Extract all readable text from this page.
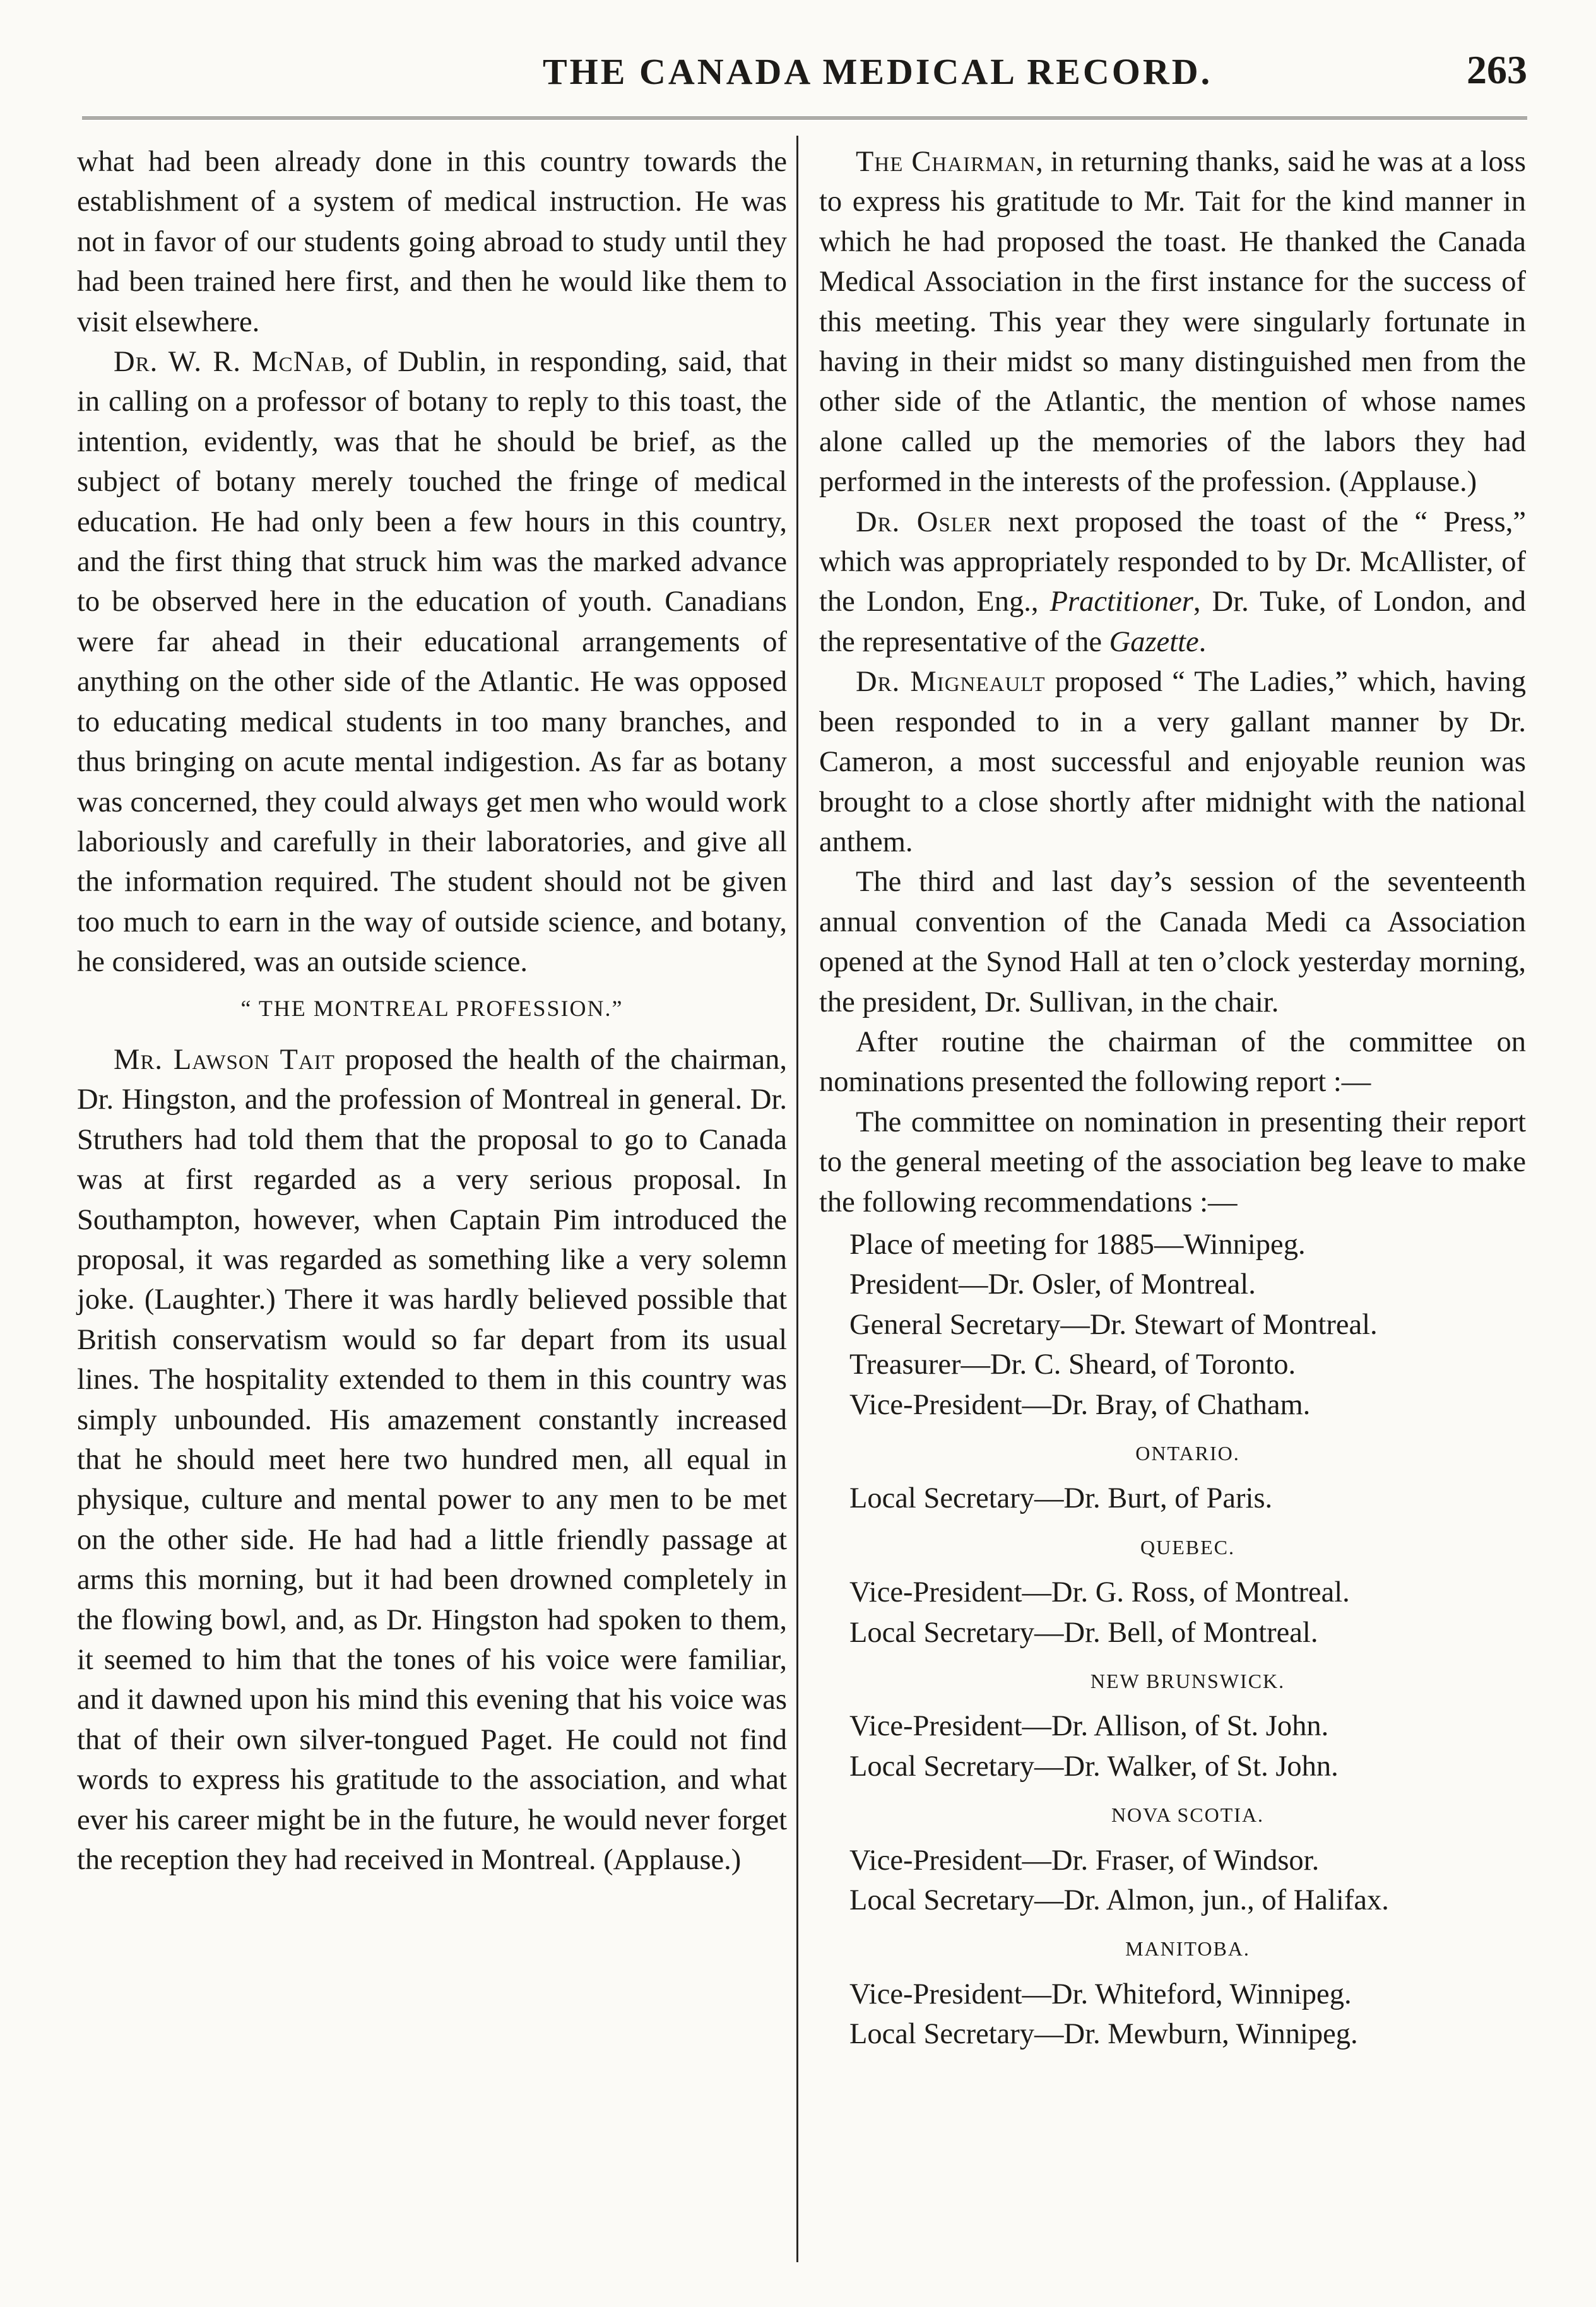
THE CANADA MEDICAL RECORD.	263

what had been already done in this country towards the establishment of a system of medical instruction. He was not in favor of our students going abroad to study until they had been trained here first, and then he would like them to visit elsewhere.

Dr. W. R. McNab, of Dublin, in responding, said, that in calling on a professor of botany to reply to this toast, the intention, evidently, was that he should be brief, as the subject of botany merely touched the fringe of medical education. He had only been a few hours in this country, and the first thing that struck him was the marked advance to be observed here in the education of youth. Canadians were far ahead in their educational arrangements of anything on the other side of the Atlantic. He was opposed to educating medical students in too many branches, and thus bringing on acute mental indigestion. As far as botany was concerned, they could always get men who would work laboriously and carefully in their laboratories, and give all the information required. The student should not be given too much to earn in the way of outside science, and botany, he considered, was an outside science.

“ THE MONTREAL PROFESSION.”

Mr. Lawson Tait proposed the health of the chairman, Dr. Hingston, and the profession of Montreal in general. Dr. Struthers had told them that the proposal to go to Canada was at first regarded as a very serious proposal. In Southampton, however, when Captain Pim introduced the proposal, it was regarded as something like a very solemn joke. (Laughter.) There it was hardly believed possible that British conservatism would so far depart from its usual lines. The hospitality extended to them in this country was simply unbounded. His amazement constantly increased that he should meet here two hundred men, all equal in physique, culture and mental power to any men to be met on the other side. He had had a little friendly passage at arms this morning, but it had been drowned completely in the flowing bowl, and, as Dr. Hingston had spoken to them, it seemed to him that the tones of his voice were familiar, and it dawned upon his mind this evening that his voice was that of their own silver-tongued Paget. He could not find words to express his gratitude to the association, and what ever his career might be in the future, he would never forget the reception they had received in Montreal. (Applause.)

The Chairman, in returning thanks, said he was at a loss to express his gratitude to Mr. Tait for the kind manner in which he had proposed the toast. He thanked the Canada Medical Association in the first instance for the success of this meeting. This year they were singularly fortunate in having in their midst so many distinguished men from the other side of the Atlantic, the mention of whose names alone called up the memories of the labors they had performed in the interests of the profession. (Applause.)

Dr. Osler next proposed the toast of the “ Press,” which was appropriately responded to by Dr. McAllister, of the London, Eng., Practitioner, Dr. Tuke, of London, and the representative of the Gazette.

Dr. Migneault proposed “ The Ladies,” which, having been responded to in a very gallant manner by Dr. Cameron, a most successful and enjoyable reunion was brought to a close shortly after midnight with the national anthem.

The third and last day’s session of the seventeenth annual convention of the Canada Medi ca Association opened at the Synod Hall at ten o’clock yesterday morning, the president, Dr. Sullivan, in the chair.

After routine the chairman of the committee on nominations presented the following report :—

The committee on nomination in presenting their report to the general meeting of the association beg leave to make the following recommendations :—

Place of meeting for 1885—Winnipeg.
President—Dr. Osler, of Montreal.
General Secretary—Dr. Stewart of Montreal.
Treasurer—Dr. C. Sheard, of Toronto.
Vice-President—Dr. Bray, of Chatham.
ONTARIO.
Local Secretary—Dr. Burt, of Paris.
QUEBEC.
Vice-President—Dr. G. Ross, of Montreal.
Local Secretary—Dr. Bell, of Montreal.
NEW BRUNSWICK.
Vice-President—Dr. Allison, of St. John.
Local Secretary—Dr. Walker, of St. John.
NOVA SCOTIA.
Vice-President—Dr. Fraser, of Windsor.
Local Secretary—Dr. Almon, jun., of Halifax.
MANITOBA.
Vice-President—Dr. Whiteford, Winnipeg.
Local Secretary—Dr. Mewburn, Winnipeg.
